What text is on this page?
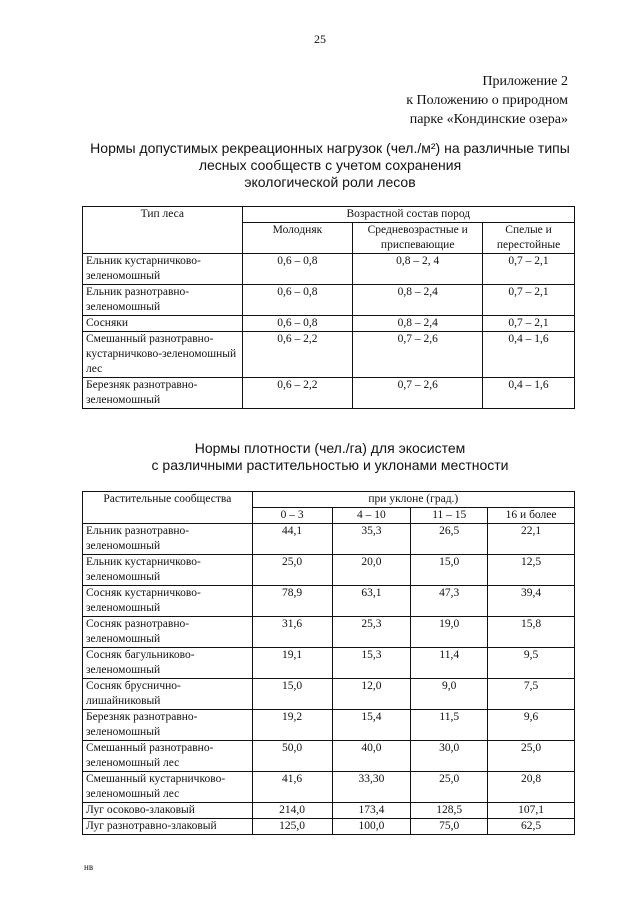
25
Приложение 2
к Положению о природном
парке «Кондинские озера»
Нормы допустимых рекреационных нагрузок (чел./м²) на различные типы
лесных сообществ с учетом сохранения
экологической роли лесов
Тип леса	Возрастной состав пород		
	Молодняк	Средневозрастные и приспевающие	Спелые и перестойные
Ельник кустарничково-зеленомошный	0,6 – 0,8	0,8 – 2, 4	0,7 – 2,1
Ельник разнотравно-зеленомошный	0,6 – 0,8	0,8 – 2,4	0,7 – 2,1
Сосняки	0,6 – 0,8	0,8 – 2,4	0,7 – 2,1
Смешанный разнотравно-кустарничково-зеленомошный лес	0,6 – 2,2	0,7 – 2,6	0,4 – 1,6
Березняк разнотравно-зеленомошный	0,6 – 2,2	0,7 – 2,6	0,4 – 1,6
Нормы плотности (чел./га) для экосистем
с различными растительностью и уклонами местности
Растительные сообщества	при уклоне (град.)			
	0 – 3	4 – 10	11 – 15	16 и более
Ельник разнотравно-зеленомошный	44,1	35,3	26,5	22,1
Ельник кустарничково-зеленомошный	25,0	20,0	15,0	12,5
Сосняк кустарничково-зеленомошный	78,9	63,1	47,3	39,4
Сосняк разнотравно-зеленомошный	31,6	25,3	19,0	15,8
Сосняк багульниково-зеленомошный	19,1	15,3	11,4	9,5
Сосняк бруснично-лишайниковый	15,0	12,0	9,0	7,5
Березняк разнотравно-зеленомошный	19,2	15,4	11,5	9,6
Смешанный разнотравно-зеленомошный лес	50,0	40,0	30,0	25,0
Смешанный кустарничково-зеленомошный лес	41,6	33,30	25,0	20,8
Луг осоково-злаковый	214,0	173,4	128,5	107,1
Луг разнотравно-злаковый	125,0	100,0	75,0	62,5
нв
